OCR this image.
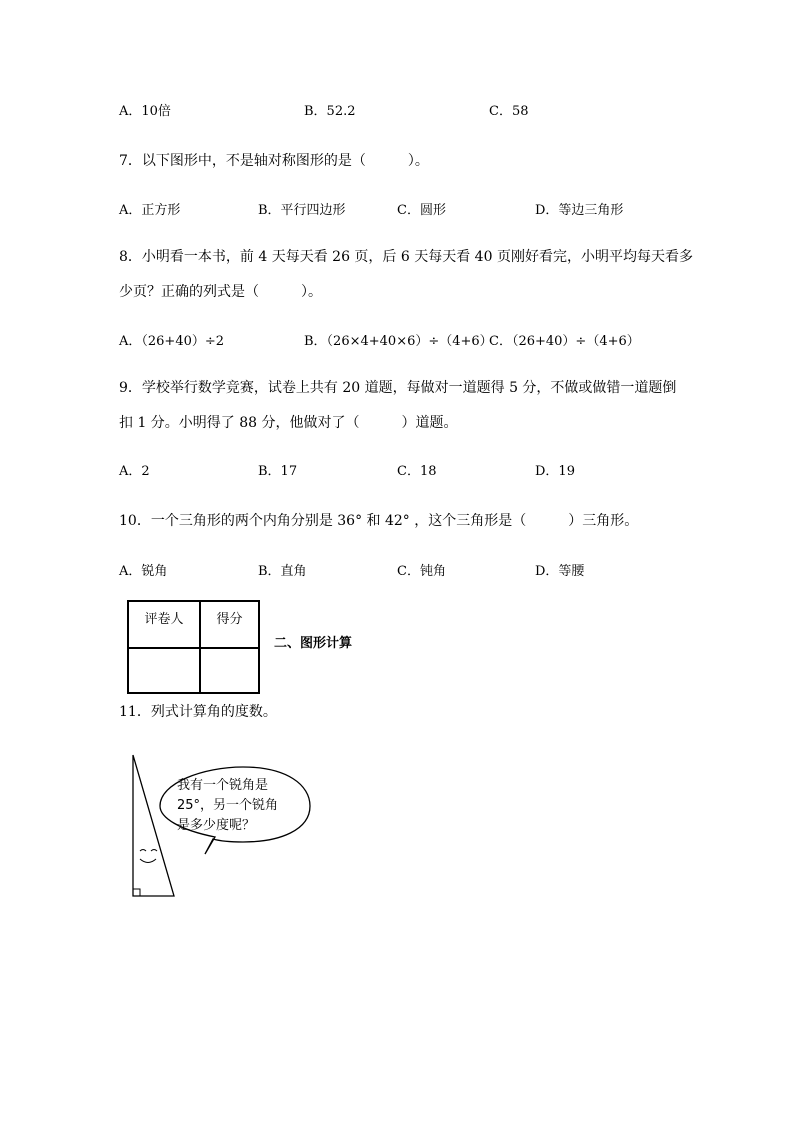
A．10倍	B．52.2	C．58
7．以下图形中，不是轴对称图形的是（　　　）。
A．正方形	B．平行四边形	C．圆形	D．等边三角形
8．小明看一本书，前 4 天每天看 26 页，后 6 天每天看 40 页刚好看完，小明平均每天看多
少页？正确的列式是（　　　）。
A．（26+40）÷2	B．（26×4+40×6）÷（4+6）
C．（26+40）÷（4+6）
9．学校举行数学竞赛，试卷上共有 20 道题，每做对一道题得 5 分，不做或做错一道题倒
扣 1 分。小明得了 88 分，他做对了（　　　）道题。
A．2	B．17	C．18	D．19
10．一个三角形的两个内角分别是 36° 和 42° ，这个三角形是（　　　）三角形。
A．锐角	B．直角	C．钝角	D．等腰
评卷人	得分
二、图形计算
11．列式计算角的度数。
我有一个锐角是
25°，另一个锐角
是多少度呢？
